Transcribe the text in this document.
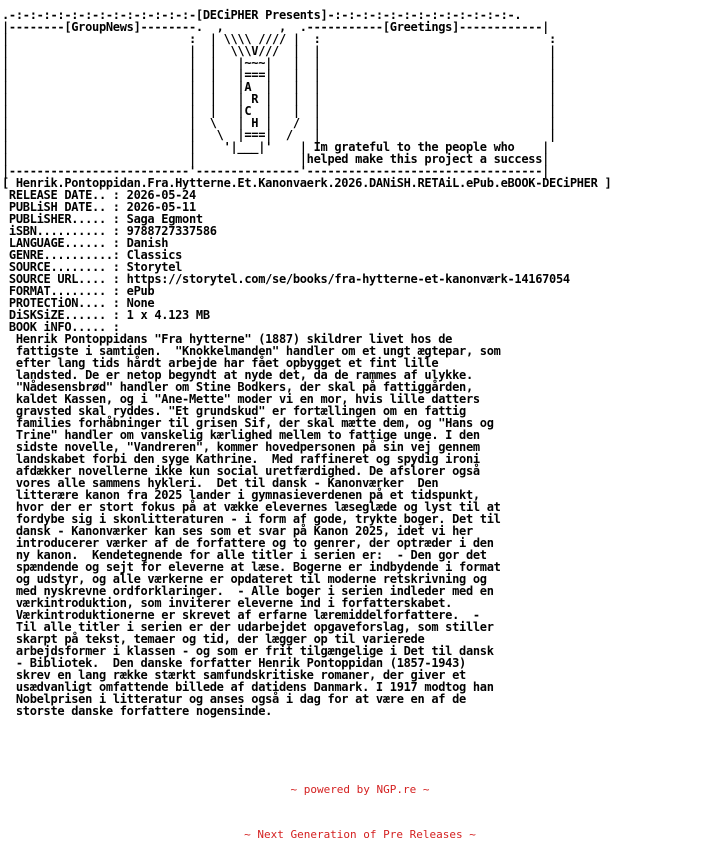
.-:-:-:-:-:-:-:-:-:-:-:-:-:-[DECiPHER Presents]-:-:-:-:-:-:-:-:-:-:-:-:-:-.
|--------[GroupNews]--------.  ,        ,  .-----------[Greetings]------------|
|                          :  | \\\\ //// |  :                                 :
|                          |  |  \\\V///  |  |                                 |
|                          |  |   |~~~|   |  |                                 |
|                          |  |   |===|   |  |                                 |
|                          |  |   |A  |   |  |                                 |
|                          |  |   | R |   |  |                                 |
|                          |  |   |C  |   |  |                                 |
|                          |  \   | H |   /  |                                 |
|                          |   \  |===|  /   |                                 |
|                          |    '|___|'    | Im grateful to the people who    |
|                          |               |helped make this project a success|
|--------------------------'---------------'----------------------------------|
[ Henrik.Pontoppidan.Fra.Hytterne.Et.Kanonvaerk.2026.DANiSH.RETAiL.ePub.eBOOK-DECiPHER ]
RELEASE DATE.. : 2026-05-24
PUBLiSH DATE.. : 2026-05-11
PUBLiSHER..... : Saga Egmont
iSBN.......... : 9788727337586
LANGUAGE...... : Danish
GENRE..........: Classics
SOURCE........ : Storytel
SOURCE URL.... : https://storytel.com/se/books/fra-hytterne-et-kanonværk-14167054
FORMAT........ : ePub
PROTECTiON.... : None
DiSKSiZE...... : 1 x 4.123 MB
BOOK iNFO..... :
Henrik Pontoppidans "Fra hytterne" (1887) skildrer livet hos de
fattigste i samtiden.  "Knokkelmanden" handler om et ungt ægtepar, som
efter lang tids hårdt arbejde har fået opbygget et fint lille
landsted. De er netop begyndt at nyde det, da de rammes af ulykke.
"Nådesensbrød" handler om Stine Bodkers, der skal på fattiggården,
kaldet Kassen, og i "Ane-Mette" moder vi en mor, hvis lille datters
gravsted skal ryddes. "Et grundskud" er fortællingen om en fattig
families forhåbninger til grisen Sif, der skal mætte dem, og "Hans og
Trine" handler om vanskelig kærlighed mellem to fattige unge. I den
sidste novelle, "Vandreren", kommer hovedpersonen på sin vej gennem
landskabet forbi den syge Kathrine.  Med raffineret og spydig ironi
afdækker novellerne ikke kun social uretfærdighed. De afslorer også
vores alle sammens hykleri.  Det til dansk - Kanonværker  Den
litterære kanon fra 2025 lander i gymnasieverdenen på et tidspunkt,
hvor der er stort fokus på at vække elevernes læseglæde og lyst til at
fordybe sig i skonlitteraturen - i form af gode, trykte boger. Det til
dansk - Kanonværker kan ses som et svar på Kanon 2025, idet vi her
introducerer værker af de forfattere og to genrer, der optræder i den
ny kanon.  Kendetegnende for alle titler i serien er:  - Den gor det
spændende og sejt for eleverne at læse. Bogerne er indbydende i format
og udstyr, og alle værkerne er opdateret til moderne retskrivning og
med nyskrevne ordforklaringer.  - Alle boger i serien indleder med en
værkintroduktion, som inviterer eleverne ind i forfatterskabet.
Værkintroduktionerne er skrevet af erfarne læremiddelforfattere.  -
Til alle titler i serien er der udarbejdet opgaveforslag, som stiller
skarpt på tekst, temaer og tid, der lægger op til varierede
arbejdsformer i klassen - og som er frit tilgængelige i Det til dansk
- Bibliotek.  Den danske forfatter Henrik Pontoppidan (1857-1943)
skrev en lang række stærkt samfundskritiske romaner, der giver et
usædvanligt omfattende billede af datidens Danmark. I 1917 modtog han
Nobelprisen i litteratur og anses også i dag for at være en af de
storste danske forfattere nogensinde.

~ powered by NGP.re ~

~ Next Generation of Pre Releases ~
